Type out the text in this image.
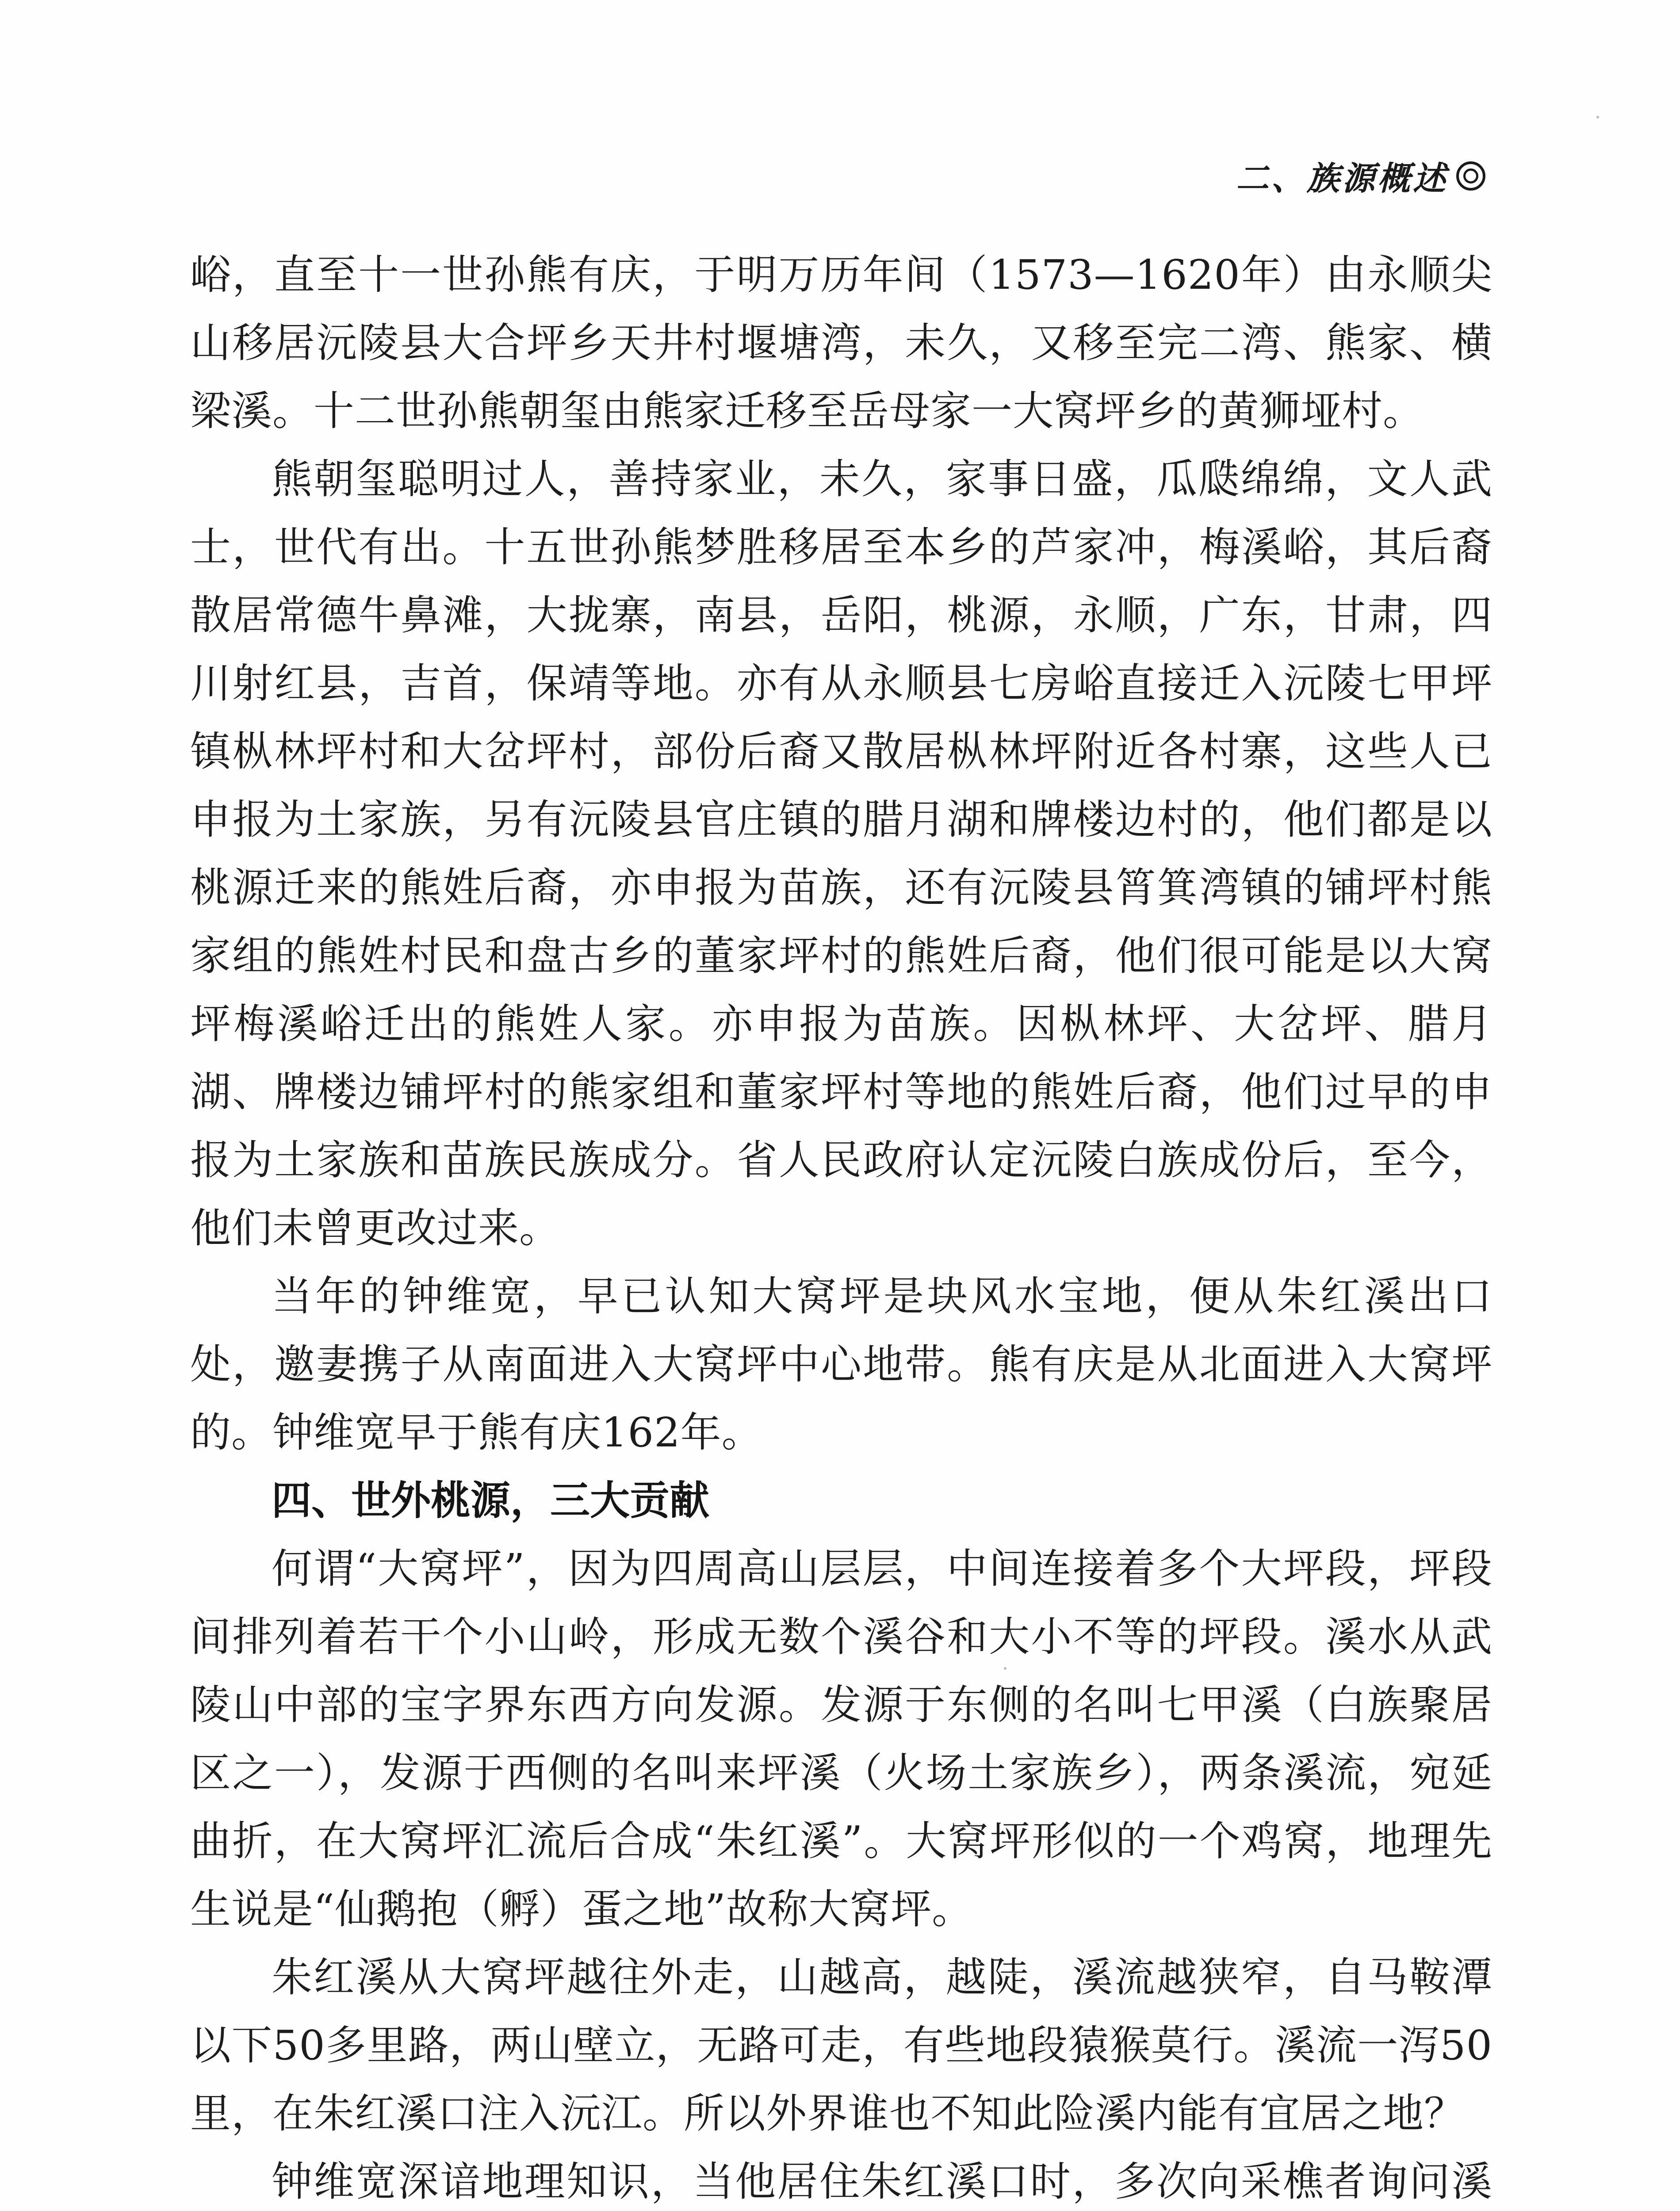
二、族源概述

峪，直至十一世孙熊有庆，于明万历年间（1573—1620年）由永顺尖山移居沅陵县大合坪乡天井村堰塘湾，未久，又移至完二湾、熊家、横梁溪。十二世孙熊朝玺由熊家迁移至岳母家一大窝坪乡的黄狮垭村。

熊朝玺聪明过人，善持家业，未久，家事日盛，瓜瓞绵绵，文人武士，世代有出。十五世孙熊梦胜移居至本乡的芦家冲，梅溪峪，其后裔散居常德牛鼻滩，大拢寨，南县，岳阳，桃源，永顺，广东，甘肃，四川射红县，吉首，保靖等地。亦有从永顺县七房峪直接迁入沅陵七甲坪镇枞林坪村和大岔坪村，部份后裔又散居枞林坪附近各村寨，这些人已申报为土家族，另有沅陵县官庄镇的腊月湖和牌楼边村的，他们都是以桃源迁来的熊姓后裔，亦申报为苗族，还有沅陵县筲箕湾镇的铺坪村熊家组的熊姓村民和盘古乡的董家坪村的熊姓后裔，他们很可能是以大窝坪梅溪峪迁出的熊姓人家。亦申报为苗族。因枞林坪、大岔坪、腊月湖、牌楼边铺坪村的熊家组和董家坪村等地的熊姓后裔，他们过早的申报为土家族和苗族民族成分。省人民政府认定沅陵白族成份后，至今，他们未曾更改过来。

当年的钟维宽，早已认知大窝坪是块风水宝地，便从朱红溪出口处，邀妻携子从南面进入大窝坪中心地带。熊有庆是从北面进入大窝坪的。钟维宽早于熊有庆162年。

四、世外桃源，三大贡献

何谓“大窝坪”，因为四周高山层层，中间连接着多个大坪段，坪段间排列着若干个小山岭，形成无数个溪谷和大小不等的坪段。溪水从武陵山中部的宝字界东西方向发源。发源于东侧的名叫七甲溪（白族聚居区之一），发源于西侧的名叫来坪溪（火场土家族乡），两条溪流，宛延曲折，在大窝坪汇流后合成“朱红溪”。大窝坪形似的一个鸡窝，地理先生说是“仙鹅抱（孵）蛋之地”故称大窝坪。

朱红溪从大窝坪越往外走，山越高，越陡，溪流越狭窄，自马鞍潭以下50多里路，两山壁立，无路可走，有些地段猿猴莫行。溪流一泻50里，在朱红溪口注入沅江。所以外界谁也不知此险溪内能有宜居之地？

钟维宽深谙地理知识，当他居住朱红溪口时，多次向采樵者询问溪
